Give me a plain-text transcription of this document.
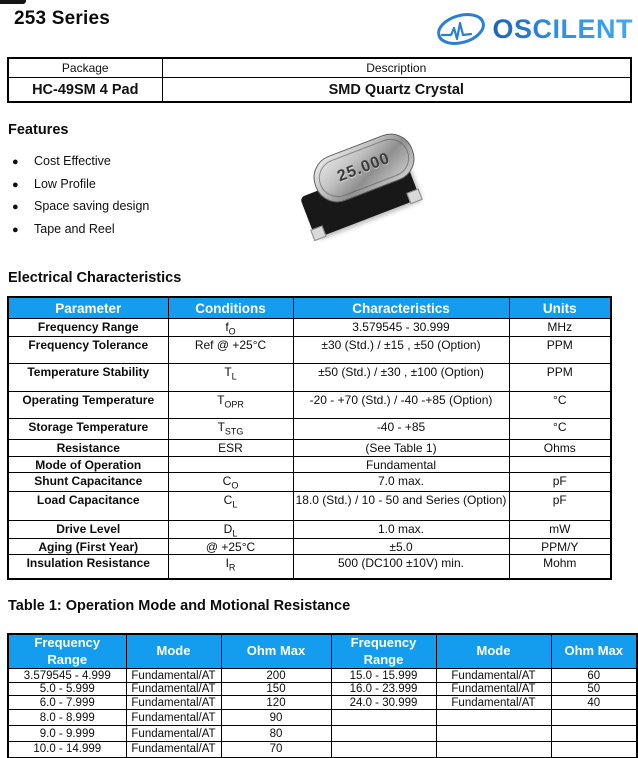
253 Series	OSCILENT
Package	Description
HC-49SM 4 Pad	SMD Quartz Crystal
Features
● Cost Effective
● Low Profile
● Space saving design
● Tape and Reel
25.000
Electrical Characteristics
Parameter	Conditions	Characteristics	Units
Frequency Range	$f_O$	3.579545 - 30.999	MHz
Frequency Tolerance	Ref @ +25°C	±30 (Std.) / ±15 , ±50 (Option)	PPM
Temperature Stability	$T_L$	±50 (Std.) / ±30 , ±100 (Option)	PPM
Operating Temperature	$T_{OPR}$	-20 - +70 (Std.) / -40 -+85 (Option)	°C
Storage Temperature	$T_{STG}$	-40 - +85	°C
Resistance	ESR	(See Table 1)	Ohms
Mode of Operation		Fundamental	
Shunt Capacitance	$C_O$	7.0 max.	pF
Load Capacitance	$C_L$	18.0 (Std.) / 10 - 50 and Series (Option)	pF
Drive Level	$D_L$	1.0 max.	mW
Aging (First Year)	@ +25°C	±5.0	PPM/Y
Insulation Resistance	$I_R$	500 (DC100 ±10V) min.	Mohm
Table 1: Operation Mode and Motional Resistance
Frequency Range	Mode	Ohm Max	Frequency Range	Mode	Ohm Max
3.579545 - 4.999	Fundamental/AT	200	15.0 - 15.999	Fundamental/AT	60
5.0 - 5.999	Fundamental/AT	150	16.0 - 23.999	Fundamental/AT	50
6.0 - 7.999	Fundamental/AT	120	24.0 - 30.999	Fundamental/AT	40
8.0 - 8.999	Fundamental/AT	90			
9.0 - 9.999	Fundamental/AT	80			
10.0 - 14.999	Fundamental/AT	70			
